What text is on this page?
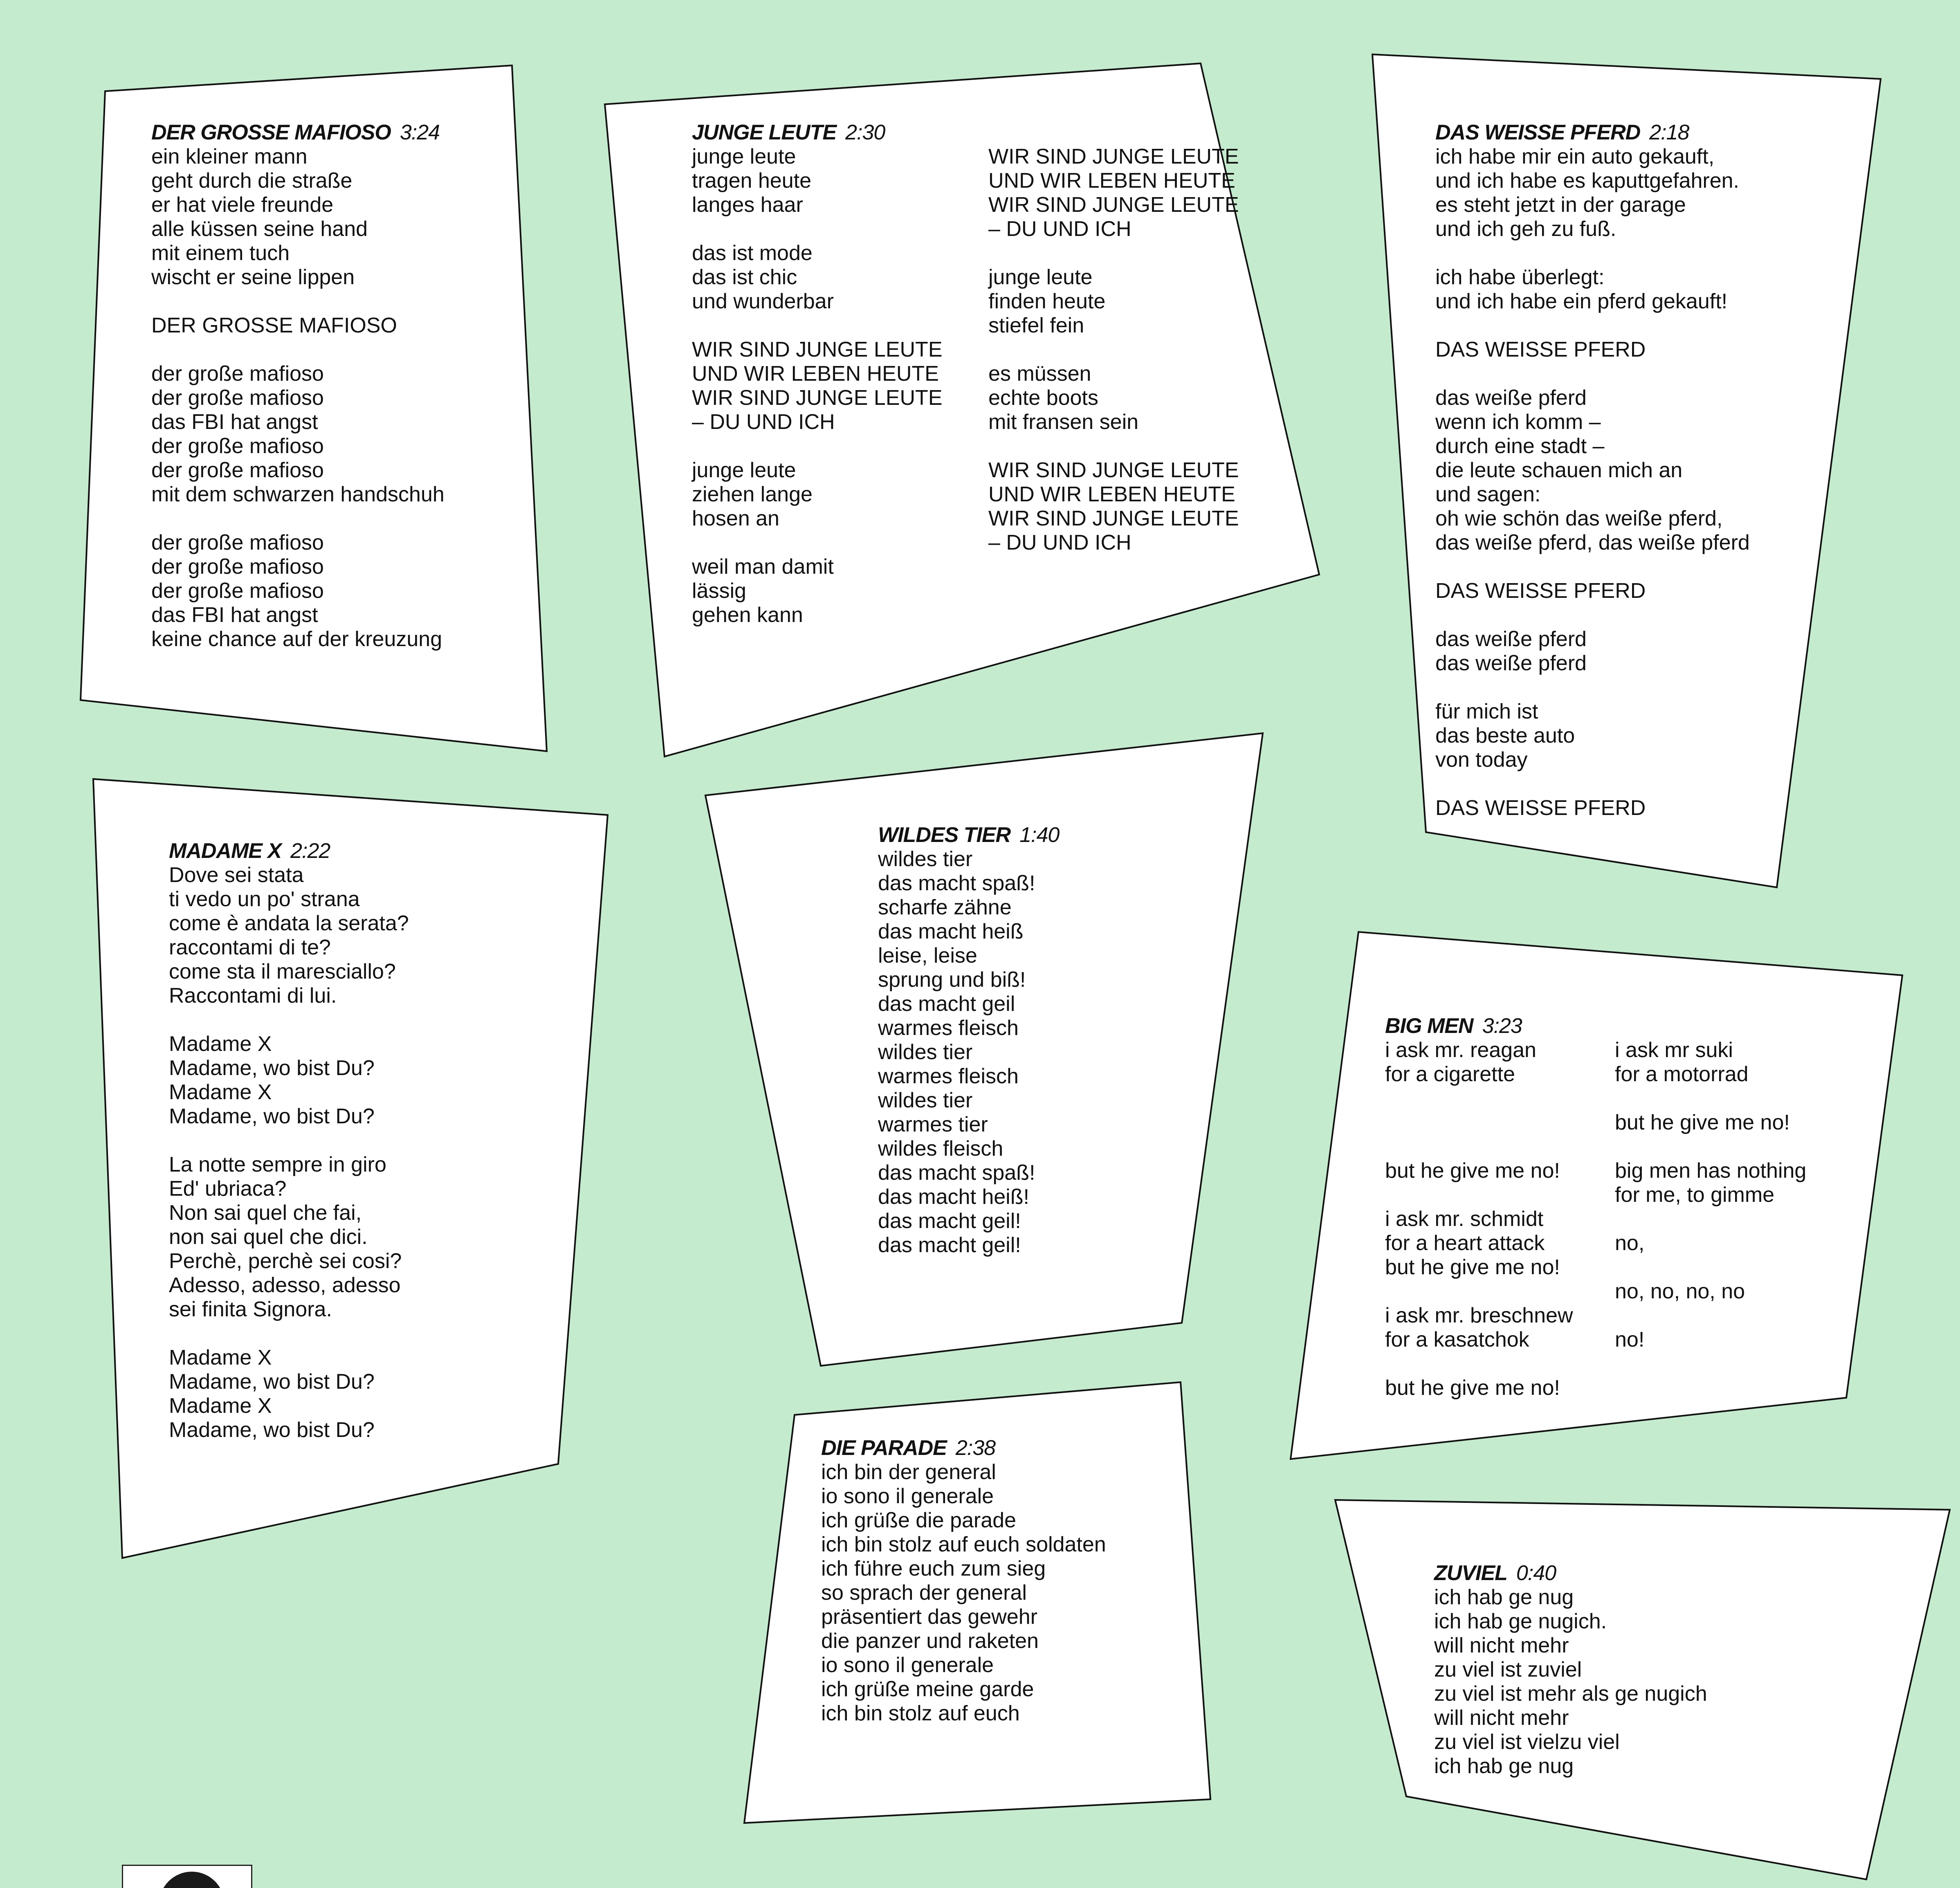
DER GROSSE MAFIOSO 3:24
ein kleiner mann
geht durch die straße
er hat viele freunde
alle küssen seine hand
mit einem tuch
wischt er seine lippen
DER GROSSE MAFIOSO
der große mafioso
der große mafioso
das FBI hat angst
der große mafioso
der große mafioso
mit dem schwarzen handschuh
der große mafioso
der große mafioso
der große mafioso
das FBI hat angst
keine chance auf der kreuzung
JUNGE LEUTE 2:30
junge leute
tragen heute
langes haar
das ist mode
das ist chic
und wunderbar
WIR SIND JUNGE LEUTE
UND WIR LEBEN HEUTE
WIR SIND JUNGE LEUTE
– DU UND ICH
junge leute
ziehen lange
hosen an
weil man damit
lässig
gehen kann
WIR SIND JUNGE LEUTE
UND WIR LEBEN HEUTE
WIR SIND JUNGE LEUTE
– DU UND ICH
junge leute
finden heute
stiefel fein
es müssen
echte boots
mit fransen sein
WIR SIND JUNGE LEUTE
UND WIR LEBEN HEUTE
WIR SIND JUNGE LEUTE
– DU UND ICH
DAS WEISSE PFERD 2:18
ich habe mir ein auto gekauft,
und ich habe es kaputtgefahren.
es steht jetzt in der garage
und ich geh zu fuß.
ich habe überlegt:
und ich habe ein pferd gekauft!
DAS WEISSE PFERD
das weiße pferd
wenn ich komm –
durch eine stadt –
die leute schauen mich an
und sagen:
oh wie schön das weiße pferd,
das weiße pferd, das weiße pferd
DAS WEISSE PFERD
das weiße pferd
das weiße pferd
für mich ist
das beste auto
von today
DAS WEISSE PFERD
MADAME X 2:22
Dove sei stata
ti vedo un po' strana
come è andata la serata?
raccontami di te?
come sta il maresciallo?
Raccontami di lui.
Madame X
Madame, wo bist Du?
Madame X
Madame, wo bist Du?
La notte sempre in giro
Ed' ubriaca?
Non sai quel che fai,
non sai quel che dici.
Perchè, perchè sei cosi?
Adesso, adesso, adesso
sei finita Signora.
Madame X
Madame, wo bist Du?
Madame X
Madame, wo bist Du?
WILDES TIER 1:40
wildes tier
das macht spaß!
scharfe zähne
das macht heiß
leise, leise
sprung und biß!
das macht geil
warmes fleisch
wildes tier
warmes fleisch
wildes tier
warmes tier
wildes fleisch
das macht spaß!
das macht heiß!
das macht geil!
das macht geil!
BIG MEN 3:23
i ask mr. reagan
for a cigarette

but he give me no!
i ask mr. schmidt
for a heart attack
but he give me no!
i ask mr. breschnew
for a kasatchok
but he give me no!
i ask mr suki
for a motorrad
but he give me no!
big men has nothing
for me, to gimme
no,
no, no, no, no
no!
DIE PARADE 2:38
ich bin der general
io sono il generale
ich grüße die parade
ich bin stolz auf euch soldaten
ich führe euch zum sieg
so sprach der general
präsentiert das gewehr
die panzer und raketen
io sono il generale
ich grüße meine garde
ich bin stolz auf euch
ZUVIEL 0:40
ich hab ge nug
ich hab ge nugich.
will nicht mehr
zu viel ist zuviel
zu viel ist mehr als ge nugich
will nicht mehr
zu viel ist vielzu viel
ich hab ge nug
